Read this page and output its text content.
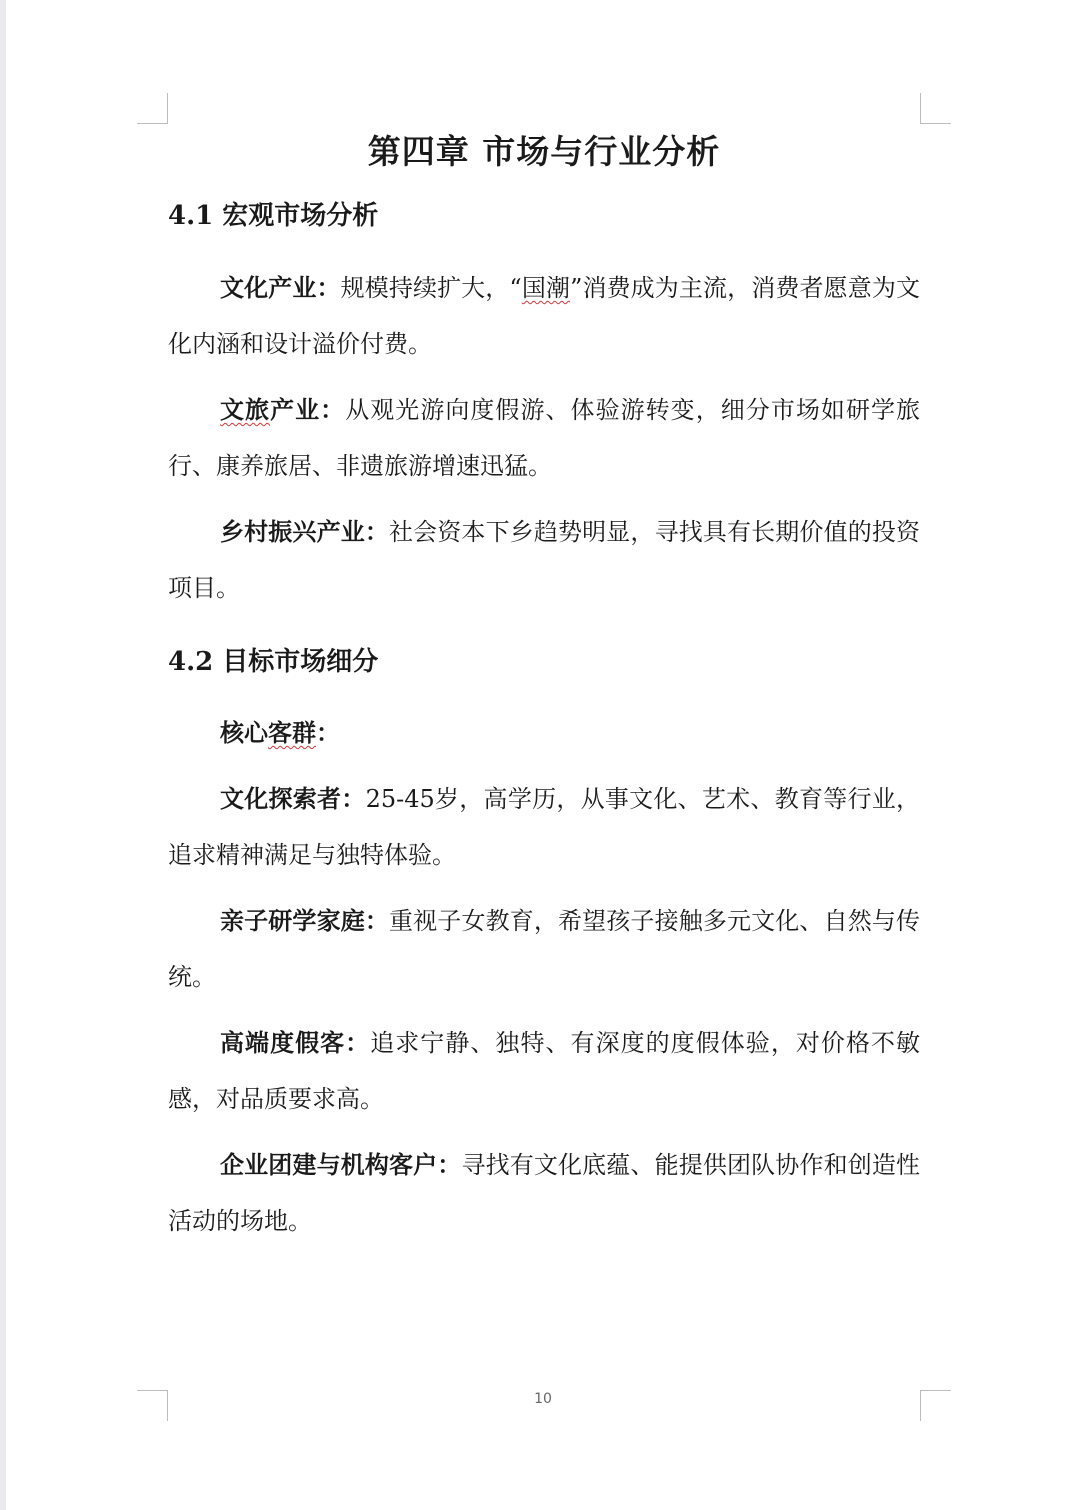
第四章 市场与行业分析
4.1 宏观市场分析

文化产业：规模持续扩大，“国潮”消费成为主流，消费者愿意为文化内涵和设计溢价付费。

文旅产业：从观光游向度假游、体验游转变，细分市场如研学旅行、康养旅居、非遗旅游增速迅猛。

乡村振兴产业：社会资本下乡趋势明显，寻找具有长期价值的投资项目。

4.2 目标市场细分

核心客群：

文化探索者：25-45岁，高学历，从事文化、艺术、教育等行业，追求精神满足与独特体验。

亲子研学家庭：重视子女教育，希望孩子接触多元文化、自然与传统。

高端度假客：追求宁静、独特、有深度的度假体验，对价格不敏感，对品质要求高。

企业团建与机构客户：寻找有文化底蕴、能提供团队协作和创造性活动的场地。

10
